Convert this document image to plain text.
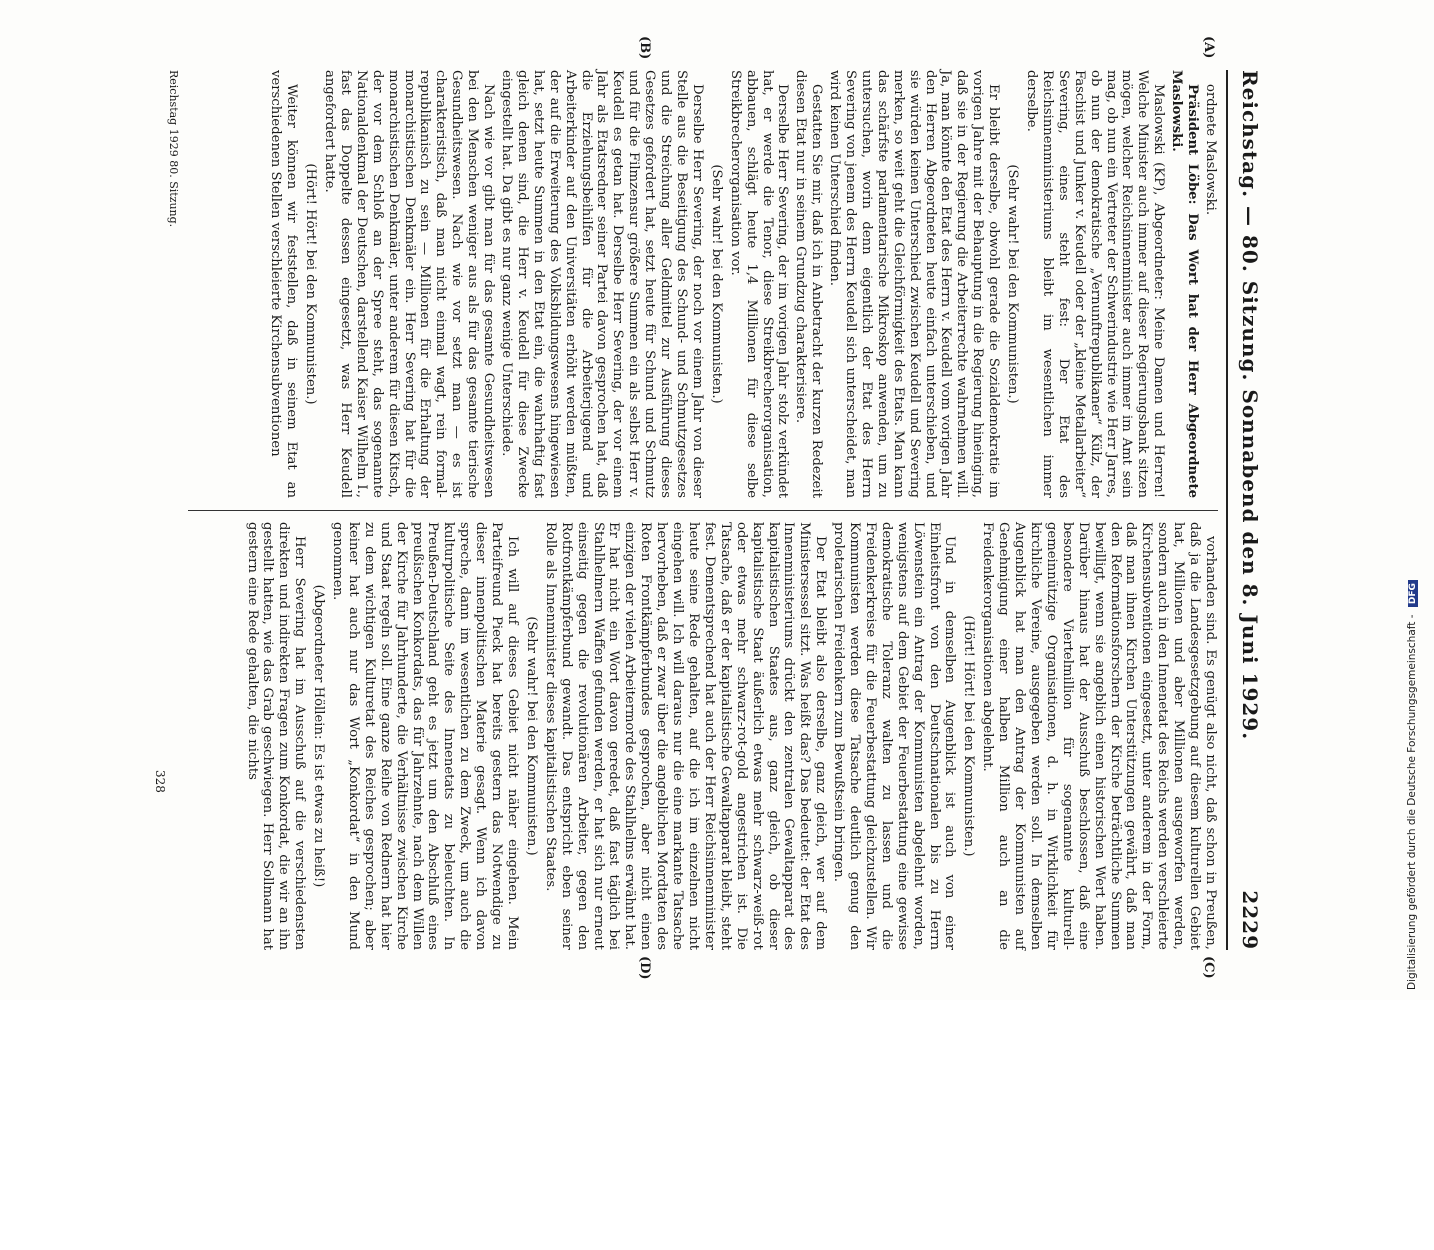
Reichstag. — 80. Sitzung. Sonnabend den 8. Juni 1929.
2229
(A)
(B)
(C)
(D)

ordnete Maslowski.

Präsident Löbe: Das Wort hat der Herr Abgeordnete Maslowski.

Maslowski (KP), Abgeordneter: Meine Damen und Herren! Welche Minister auch immer auf dieser Regierungsbank sitzen mögen, welcher Reichsinnenminister auch immer im Amt sein mag, ob nun ein Vertreter der Schwerindustrie wie Herr Jarres, ob nun der demokratische „Vernunftrepublikaner“ Külz, der Faschist und Junker v. Keudell oder der „kleine Metallarbeiter“ Severing, eines steht fest: Der Etat des Reichsinnenministeriums bleibt im wesentlichen immer derselbe.

(Sehr wahr! bei den Kommunisten.)

Er bleibt derselbe, obwohl gerade die Sozialdemokratie im vorigen Jahre mit der Behauptung in die Regierung hineinging, daß sie in der Regierung die Arbeiterrechte wahrnehmen will. Ja, man könnte den Etat des Herrn v. Keudell vom vorigen Jahr den Herren Abgeordneten heute einfach unterschieben, und sie würden keinen Unterschied zwischen Keudell und Severing merken, so weit geht die Gleichförmigkeit des Etats. Man kann das schärfste parlamentarische Mikroskop anwenden, um zu untersuchen, worin denn eigentlich der Etat des Herrn Severing von jenem des Herrn Keudell sich unterscheidet, man wird keinen Unterschied finden.

Gestatten Sie mir, daß ich in Anbetracht der kurzen Redezeit diesen Etat nur in seinem Grundzug charakterisiere.

Derselbe Herr Severing, der im vorigen Jahr stolz verkündet hat, er werde die Tenor, diese Streikbrecherorganisation, abbauen, schlägt heute 1,4 Millionen für diese selbe Streikbrecherorganisation vor.

(Sehr wahr! bei den Kommunisten.)

Derselbe Herr Severing, der noch vor einem Jahr von dieser Stelle aus die Beseitigung des Schund- und Schmutzgesetzes und die Streichung aller Geldmittel zur Ausführung dieses Gesetzes gefordert hat, setzt heute für Schund und Schmutz und für die Filmzensur größere Summen ein als selbst Herr v. Keudell es getan hat. Derselbe Herr Severing, der vor einem Jahr als Etatsredner seiner Partei davon gesprochen hat, daß die Erziehungsbeihilfen für die Arbeiterjugend und Arbeiterkinder auf den Universitäten erhöht werden müßten, der auf die Erweiterung des Volksbildungswesens hingewiesen hat, setzt heute Summen in den Etat ein, die wahrhaftig fast gleich denen sind, die Herr v. Keudell für diese Zwecke eingestellt hat. Da gibt es nur ganz wenige Unterschiede.

Nach wie vor gibt man für das gesamte Gesundheitswesen bei den Menschen weniger aus als für das gesamte tierische Gesundheitswesen. Nach wie vor setzt man — es ist charakteristisch, daß man nicht einmal wagt, rein formal-republikanisch zu sein — Millionen für die Erhaltung der monarchistischen Denkmäler ein. Herr Severing hat für die monarchistischen Denkmäler, unter anderem für diesen Kitsch, der vor dem Schloß an der Spree steht, das sogenannte Nationaldenkmal der Deutschen, darstellend Kaiser Wilhelm I., fast das Doppelte dessen eingesetzt, was Herr Keudell angefordert hatte.

(Hört! Hört! bei den Kommunisten.)

Weiter können wir feststellen, daß in seinem Etat an verschiedenen Stellen verschleierte Kirchensubventionen

vorhanden sind. Es genügt also nicht, daß schon in Preußen, daß ja die Landesgesetzgebung auf diesem kulturellen Gebiet hat, Millionen und aber Millionen ausgeworfen werden, sondern auch in den Innenetat des Reichs werden verschleierte Kirchensubventionen eingesetzt, unter anderem in der Form, daß man ihnen Kirchen Unterstützungen gewährt, daß man den Reformationsforschern der Kirche beträchtliche Summen bewilligt, wenn sie angeblich einen historischen Wert haben. Darüber hinaus hat der Ausschuß beschlossen, daß eine besondere Viertelmillion für sogenannte kulturell-gemeinnützige Organisationen, d. h. in Wirklichkeit für kirchliche Vereine, ausgegeben werden soll. In demselben Augenblick hat man den Antrag der Kommunisten auf Genehmigung einer halben Million auch an die Freidenkerorganisationen abgelehnt.

(Hört! Hört! bei den Kommunisten.)

Und in demselben Augenblick ist auch von einer Einheitsfront von den Deutschnationalen bis zu Herrn Löwenstein ein Antrag der Kommunisten abgelehnt worden, wenigstens auf dem Gebiet der Feuerbestattung eine gewisse demokratische Toleranz walten zu lassen und die Freidenkerkreise für die Feuerbestattung gleichzustellen. Wir Kommunisten werden diese Tatsache deutlich genug den proletarischen Freidenkern zum Bewußtsein bringen.

Der Etat bleibt also derselbe, ganz gleich, wer auf dem Ministersessel sitzt. Was heißt das? Das bedeutet: der Etat des Innenministeriums drückt den zentralen Gewaltapparat des kapitalistischen Staates aus, ganz gleich, ob dieser kapitalistische Staat äußerlich etwas mehr schwarz-weiß-rot oder etwas mehr schwarz-rot-gold angestrichen ist. Die Tatsache, daß er der kapitalistische Gewaltapparat bleibt, steht fest. Dementsprechend hat auch der Herr Reichsinnenminister heute seine Rede gehalten, auf die ich im einzelnen nicht eingehen will. Ich will daraus nur die eine markante Tatsache hervorheben, daß er zwar über die angeblichen Mordtaten des Roten Frontkämpferbundes gesprochen, aber nicht einen einzigen der vielen Arbeitermorde des Stahlhelms erwähnt hat. Er hat nicht ein Wort davon geredet, daß fast täglich bei Stahlhelmern Waffen gefunden werden, er hat sich nur erneut einseitig gegen die revolutionären Arbeiter, gegen den Rotfrontkämpferbund gewandt. Das entspricht eben seiner Rolle als Innenminister dieses kapitalistischen Staates.

(Sehr wahr! bei den Kommunisten.)

Ich will auf dieses Gebiet nicht näher eingehen. Mein Parteifreund Pieck hat bereits gestern das Notwendige zu dieser innenpolitischen Materie gesagt. Wenn ich davon spreche, dann im wesentlichen zu dem Zweck, um auch die kulturpolitische Seite des Innenetats zu beleuchten. In Preußen-Deutschland geht es jetzt um den Abschluß eines preußischen Konkordats, das für Jahrzehnte, nach dem Willen der Kirche für Jahrhunderte, die Verhältnisse zwischen Kirche und Staat regeln soll. Eine ganze Reihe von Rednern hat hier zu dem wichtigen Kulturetat des Reiches gesprochen; aber keiner hat auch nur das Wort „Konkordat“ in den Mund genommen.

(Abgeordneter Höllein: Es ist etwas zu heiß!)

Herr Severing hat im Ausschuß auf die verschiedensten direkten und indirekten Fragen zum Konkordat, die wir an ihn gestellt hatten, wie das Grab geschwiegen. Herr Sollmann hat gestern eine Rede gehalten, die nichts

Reichstag 1929 80. Sitzung.
328	Digitalisierung gefördert durch die Deutsche Forschungsgemeinschaft - DFG
